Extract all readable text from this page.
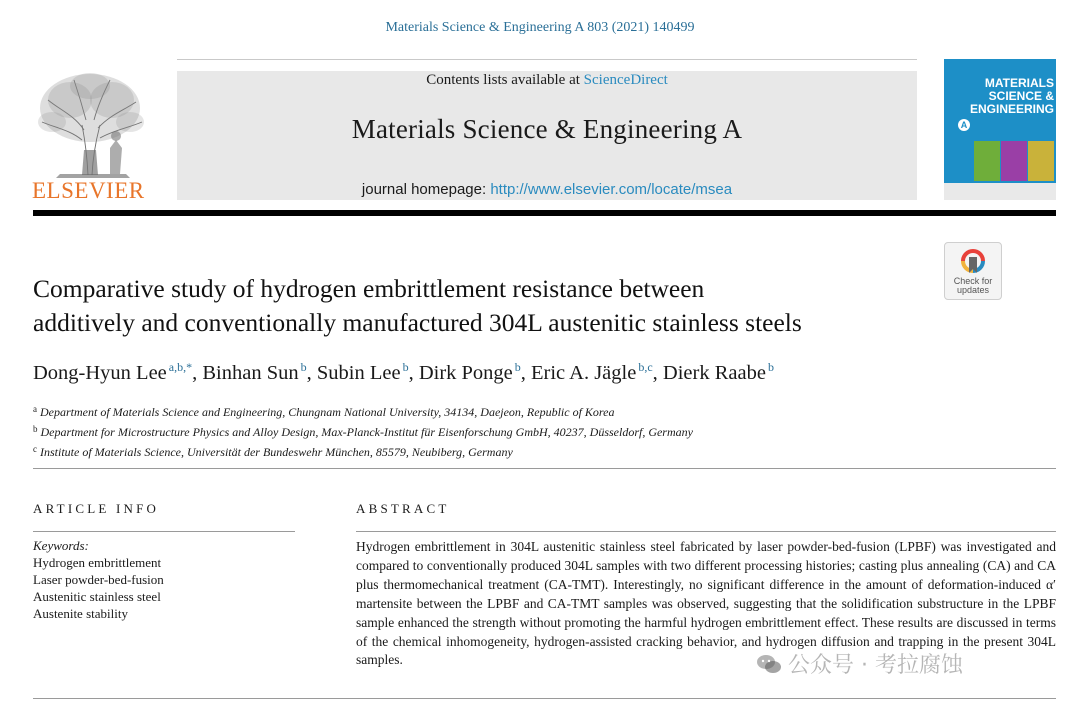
Materials Science & Engineering A 803 (2021) 140499
ELSEVIER
Contents lists available at ScienceDirect
Materials Science & Engineering A
journal homepage: http://www.elsevier.com/locate/msea
MATERIALS
SCIENCE &
ENGINEERING
A
Check for
updates
Comparative study of hydrogen embrittlement resistance between
additively and conventionally manufactured 304L austenitic stainless steels
Dong-Hyun Lee $^{a,b,*}$, Binhan Sun $^b$, Subin Lee $^b$, Dirk Ponge $^b$, Eric A. Jägle $^{b,c}$, Dierk Raabe $^b$
$^a$ Department of Materials Science and Engineering, Chungnam National University, 34134, Daejeon, Republic of Korea
$^b$ Department for Microstructure Physics and Alloy Design, Max-Planck-Institut für Eisenforschung GmbH, 40237, Düsseldorf, Germany
$^c$ Institute of Materials Science, Universität der Bundeswehr München, 85579, Neubiberg, Germany
ARTICLE INFO
Keywords:
Hydrogen embrittlement
Laser powder-bed-fusion
Austenitic stainless steel
Austenite stability
ABSTRACT
Hydrogen embrittlement in 304L austenitic stainless steel fabricated by laser powder-bed-fusion (LPBF) was investigated and compared to conventionally produced 304L samples with two different processing histories; casting plus annealing (CA) and CA plus thermomechanical treatment (CA-TMT). Interestingly, no significant difference in the amount of deformation-induced α′ martensite between the LPBF and CA-TMT samples was observed, suggesting that the solidification substructure in the LPBF sample enhanced the strength without promoting the harmful hydrogen embrittlement effect. These results are discussed in terms of the chemical inhomogeneity, hydrogen-assisted cracking behavior, and hydrogen diffusion and trapping in the present 304L samples.	公众号 · 考拉腐蚀
